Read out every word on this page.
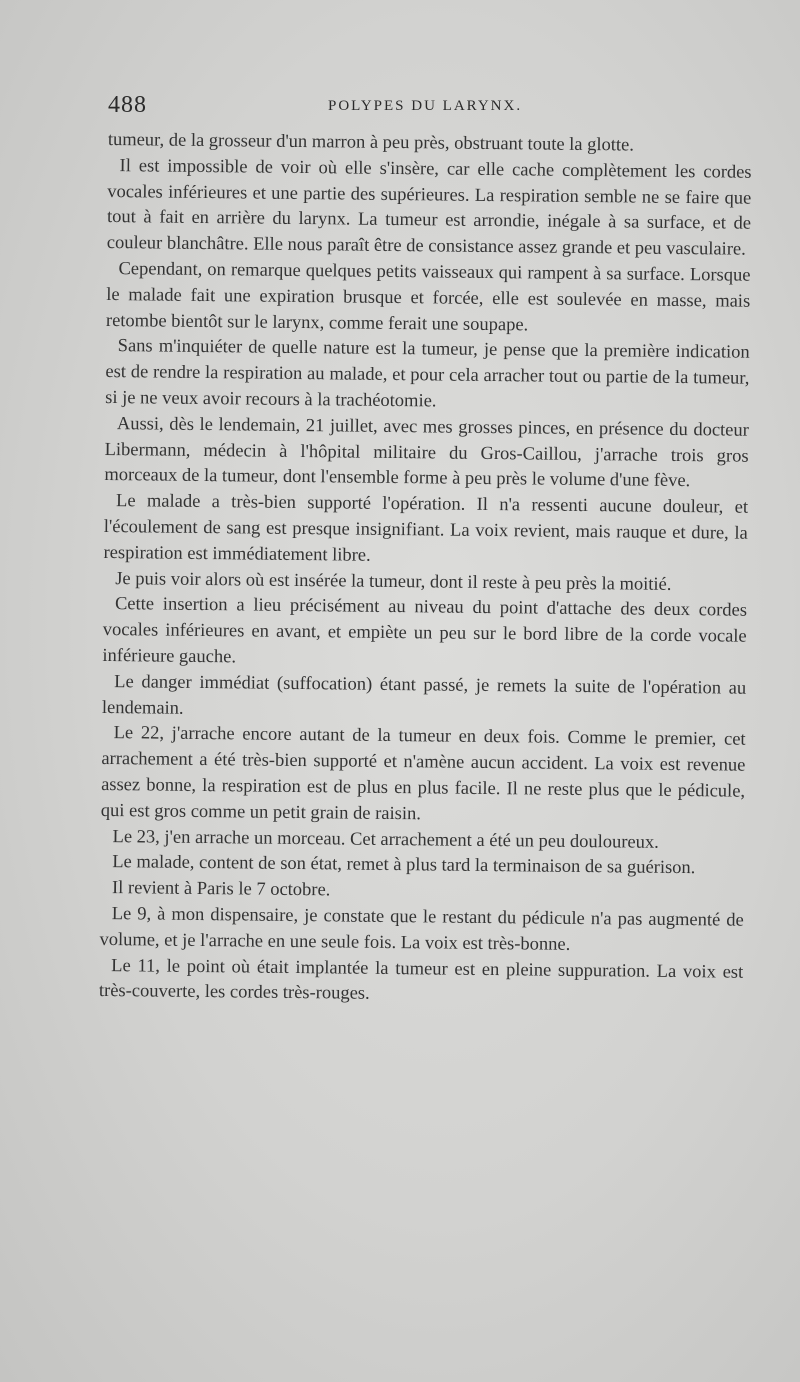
488	POLYPES DU LARYNX.

tumeur, de la grosseur d'un marron à peu près, obstruant toute la glotte.

Il est impossible de voir où elle s'insère, car elle cache complètement les cordes vocales inférieures et une partie des supérieures. La respiration semble ne se faire que tout à fait en arrière du larynx. La tumeur est arrondie, inégale à sa surface, et de couleur blanchâtre. Elle nous paraît être de consistance assez grande et peu vasculaire.

Cependant, on remarque quelques petits vaisseaux qui rampent à sa surface. Lorsque le malade fait une expiration brusque et forcée, elle est soulevée en masse, mais retombe bientôt sur le larynx, comme ferait une soupape.

Sans m'inquiéter de quelle nature est la tumeur, je pense que la première indication est de rendre la respiration au malade, et pour cela arracher tout ou partie de la tumeur, si je ne veux avoir recours à la trachéotomie.

Aussi, dès le lendemain, 21 juillet, avec mes grosses pinces, en présence du docteur Libermann, médecin à l'hôpital militaire du Gros-Caillou, j'arrache trois gros morceaux de la tumeur, dont l'ensemble forme à peu près le volume d'une fève.

Le malade a très-bien supporté l'opération. Il n'a ressenti aucune douleur, et l'écoulement de sang est presque insignifiant. La voix revient, mais rauque et dure, la respiration est immédiatement libre.

Je puis voir alors où est insérée la tumeur, dont il reste à peu près la moitié.

Cette insertion a lieu précisément au niveau du point d'attache des deux cordes vocales inférieures en avant, et empiète un peu sur le bord libre de la corde vocale inférieure gauche.

Le danger immédiat (suffocation) étant passé, je remets la suite de l'opération au lendemain.

Le 22, j'arrache encore autant de la tumeur en deux fois. Comme le premier, cet arrachement a été très-bien supporté et n'amène aucun accident. La voix est revenue assez bonne, la respiration est de plus en plus facile. Il ne reste plus que le pédicule, qui est gros comme un petit grain de raisin.

Le 23, j'en arrache un morceau. Cet arrachement a été un peu douloureux.

Le malade, content de son état, remet à plus tard la terminaison de sa guérison.

Il revient à Paris le 7 octobre.

Le 9, à mon dispensaire, je constate que le restant du pédicule n'a pas augmenté de volume, et je l'arrache en une seule fois. La voix est très-bonne.

Le 11, le point où était implantée la tumeur est en pleine suppuration. La voix est très-couverte, les cordes très-rouges.
